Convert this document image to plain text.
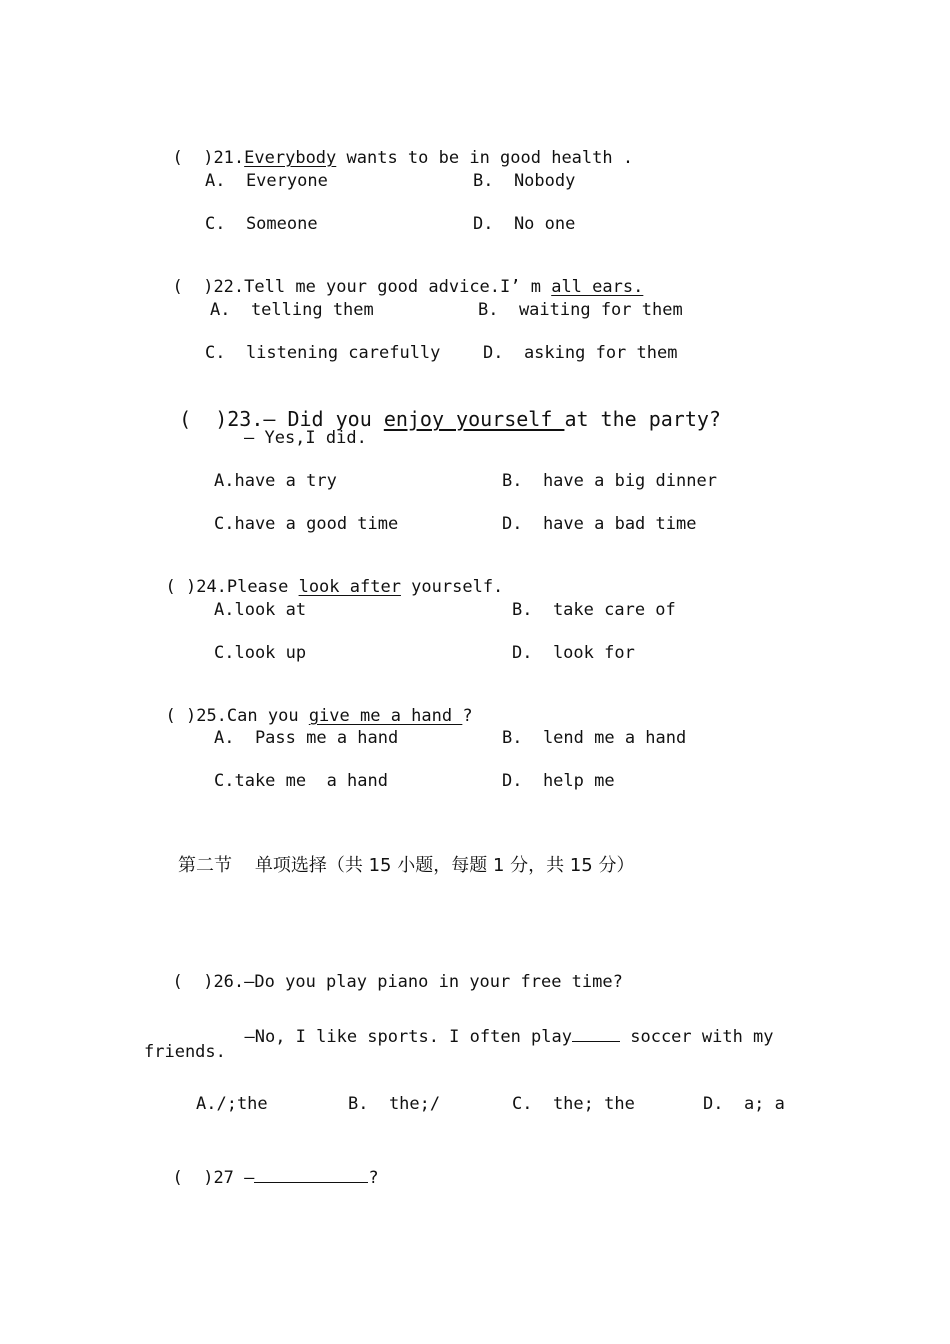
(  )21.Everybody wants to be in good health .

A.  Everyone	B.  Nobody
C.  Someone	D.  No one

(  )22.Tell me your good advice.I’ m all ears.

A.  telling them	B.  waiting for them
C.  listening carefully	D.  asking for them

(  )23.— Did you enjoy yourself at the party?

— Yes,I did.
A.have a try	B.  have a big dinner
C.have a good time	D.  have a bad time

( )24.Please look after yourself.

A.look at	B.  take care of
C.look up	D.  look for

( )25.Can you give me a hand ?

A.  Pass me a hand	B.  lend me a hand
C.take me  a hand	D.  help me
第二节    单项选择（共 15 小题，每题 1 分，共 15 分）

(  )26.—Do you play piano in your free time?

—No, I like sports. I often play	soccer with my

friends.
A./;the	B.  the;/	C.  the; the	D.  a; a

(  )27 —	?
